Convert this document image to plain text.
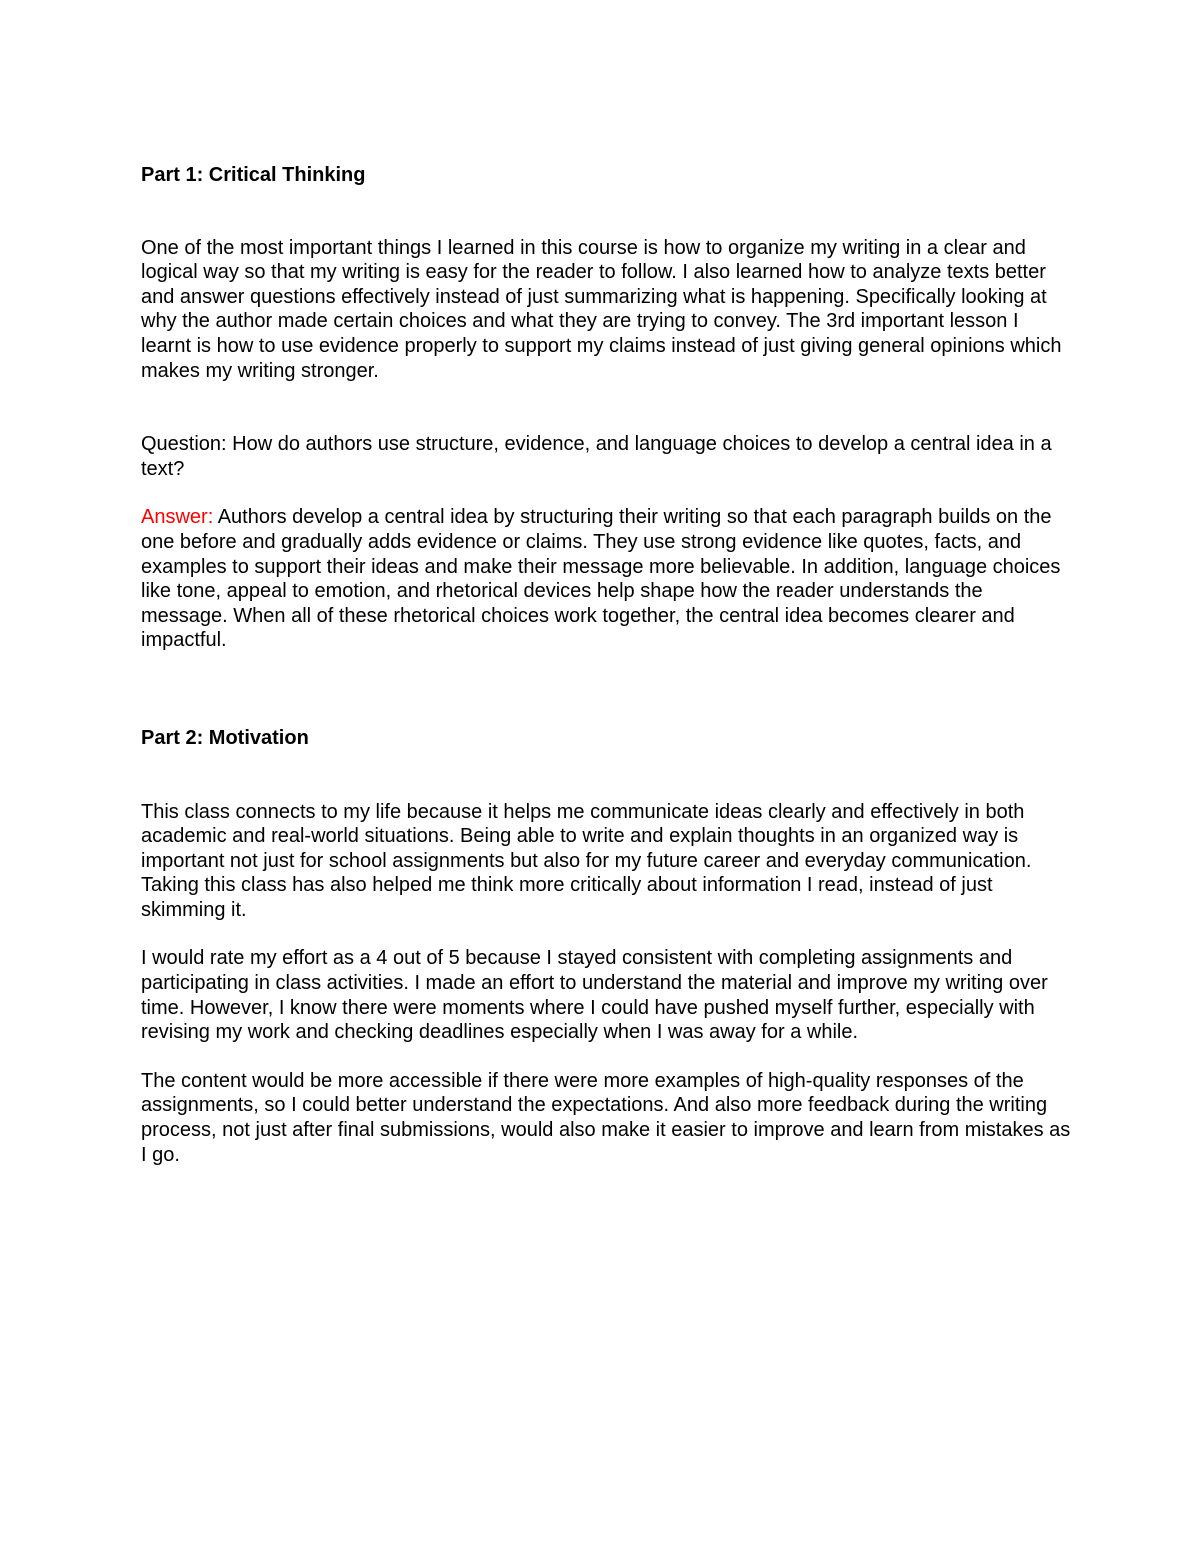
Part 1: Critical Thinking

One of the most important things I learned in this course is how to organize my writing in a clear and logical way so that my writing is easy for the reader to follow. I also learned how to analyze texts better and answer questions effectively instead of just summarizing what is happening. Specifically looking at why the author made certain choices and what they are trying to convey. The 3rd important lesson I learnt is how to use evidence properly to support my claims instead of just giving general opinions which makes my writing stronger.

Question: How do authors use structure, evidence, and language choices to develop a central idea in a text?

Answer: Authors develop a central idea by structuring their writing so that each paragraph builds on the one before and gradually adds evidence or claims. They use strong evidence like quotes, facts, and examples to support their ideas and make their message more believable. In addition, language choices like tone, appeal to emotion, and rhetorical devices help shape how the reader understands the message. When all of these rhetorical choices work together, the central idea becomes clearer and impactful.

Part 2: Motivation

This class connects to my life because it helps me communicate ideas clearly and effectively in both academic and real-world situations. Being able to write and explain thoughts in an organized way is important not just for school assignments but also for my future career and everyday communication. Taking this class has also helped me think more critically about information I read, instead of just skimming it.

I would rate my effort as a 4 out of 5 because I stayed consistent with completing assignments and participating in class activities. I made an effort to understand the material and improve my writing over time. However, I know there were moments where I could have pushed myself further, especially with revising my work and checking deadlines especially when I was away for a while.

The content would be more accessible if there were more examples of high-quality responses of the assignments, so I could better understand the expectations. And also more feedback during the writing process, not just after final submissions, would also make it easier to improve and learn from mistakes as I go.
